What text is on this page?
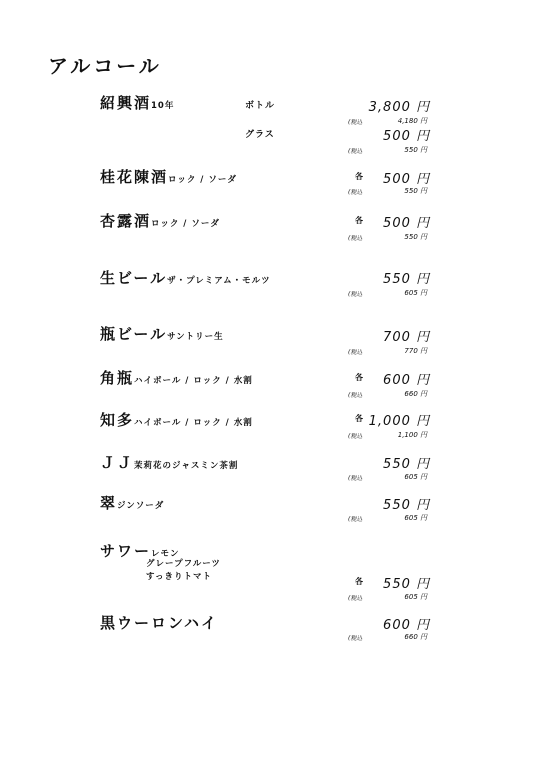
アルコール
紹興酒10年	ボトル	3,800 円
(税込	4,180 円
グラス	500 円
(税込	550 円
桂花陳酒ロック / ソーダ	各	500 円
(税込	550 円
杏露酒ロック / ソーダ	各	500 円
(税込	550 円
生ビールザ・プレミアム・モルツ	550 円
(税込	605 円
瓶ビールサントリー生	700 円
(税込	770 円
角瓶ハイボール / ロック / 水割	各	600 円
(税込	660 円
知多ハイボール / ロック / 水割	各 1,000 円
(税込	1,100 円
ＪＪ茉莉花のジャスミン茶割	550 円
(税込	605 円
翠ジンソーダ	550 円
(税込	605 円
サワーレモン
グレープフルーツ
すっきりトマト	各	550 円
(税込	605 円
黒ウーロンハイ	600 円
(税込	660 円
